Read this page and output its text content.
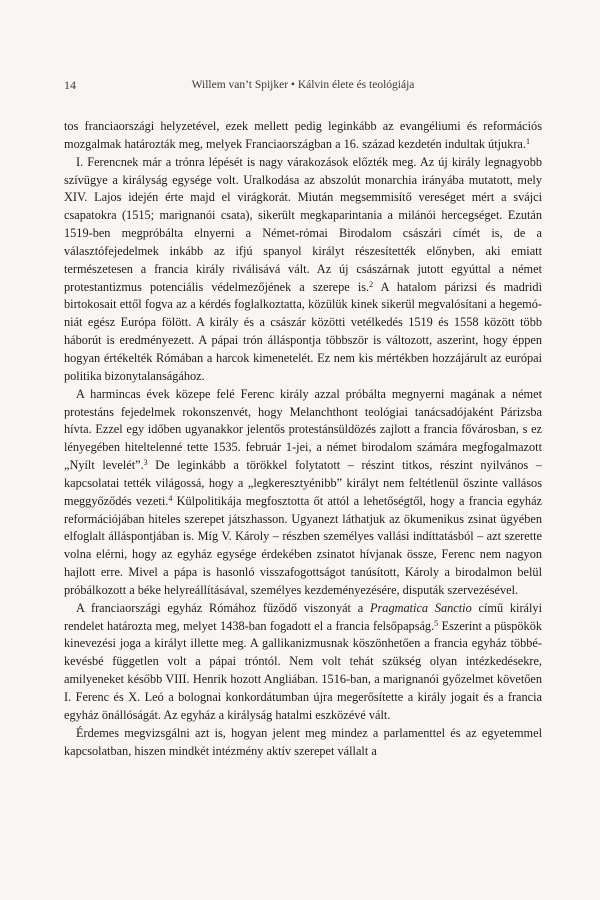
14	Willem van’t Spijker • Kálvin élete és teológiája

tos franciaországi helyzetével, ezek mellett pedig leginkább az evangéliumi és reformációs mozgalmak határozták meg, melyek Franciaországban a 16. század kezdetén indultak útjukra.$^1$

I. Ferencnek már a trónra lépését is nagy várakozások előzték meg. Az új király legnagyobb szívügye a királyság egysége volt. Uralkodása az abszolút monarchia irányába mutatott, mely XIV. Lajos idején érte majd el virágkorát. Miután megsemmisítő vereséget mért a svájci csapatokra (1515; marignanói csata), sikerült megkaparintania a milánói hercegséget. Ezután 1519-ben megpróbálta elnyerni a Német-római Birodalom császári címét is, de a választófejedelmek inkább az ifjú spanyol királyt részesítették előnyben, aki emiatt természetesen a francia király riválisává vált. Az új császárnak jutott egyúttal a német protestantizmus potenciális védelmezőjének a szerepe is.$^2$ A hatalom párizsi és madridi birtokosait ettől fogva az a kérdés foglalkoztatta, közülük kinek sikerül megvalósítani a hegemóniát egész Európa fölött. A király és a császár közötti vetélkedés 1519 és 1558 között több háborút is eredményezett. A pápai trón álláspontja többször is változott, aszerint, hogy éppen hogyan értékelték Rómában a harcok kimenetelét. Ez nem kis mértékben hozzájárult az európai politika bizonytalanságához.

A harmincas évek közepe felé Ferenc király azzal próbálta megnyerni magának a német protestáns fejedelmek rokonszenvét, hogy Melanchthont teológiai tanácsadójaként Párizsba hívta. Ezzel egy időben ugyanakkor jelentős protestánsüldözés zajlott a francia fővárosban, s ez lényegében hiteltelenné tette 1535. február 1-jei, a német birodalom számára megfogalmazott „Nyílt levelét”.$^3$ De leginkább a törökkel folytatott – részint titkos, részint nyilvános – kapcsolatai tették világossá, hogy a „legkeresztyénibb” királyt nem feltétlenül őszinte vallásos meggyőződés vezeti.$^4$ Külpolitikája megfosztotta őt attól a lehetőségtől, hogy a francia egyház reformációjában hiteles szerepet játszhasson. Ugyanezt láthatjuk az ökumenikus zsinat ügyében elfoglalt álláspontjában is. Míg V. Károly – részben személyes vallási indíttatásból – azt szerette volna elérni, hogy az egyház egysége érdekében zsinatot hívjanak össze, Ferenc nem nagyon hajlott erre. Mivel a pápa is hasonló visszafogottságot tanúsított, Károly a birodalmon belül próbálkozott a béke helyreállításával, személyes kezdeményezésére, disputák szervezésével.

A franciaországi egyház Rómához fűződő viszonyát a Pragmatica Sanctio című királyi rendelet határozta meg, melyet 1438-ban fogadott el a francia felsőpapság.$^5$ Eszerint a püspökök kinevezési joga a királyt illette meg. A gallikanizmusnak köszönhetően a francia egyház többé-kevésbé független volt a pápai tróntól. Nem volt tehát szükség olyan intézkedésekre, amilyeneket később VIII. Henrik hozott Angliában. 1516-ban, a marignanói győzelmet követően I. Ferenc és X. Leó a bolognai konkordátumban újra megerősítette a király jogait és a francia egyház önállóságát. Az egyház a királyság hatalmi eszközévé vált.

Érdemes megvizsgálni azt is, hogyan jelent meg mindez a parlamenttel és az egyetemmel kapcsolatban, hiszen mindkét intézmény aktív szerepet vállalt a
